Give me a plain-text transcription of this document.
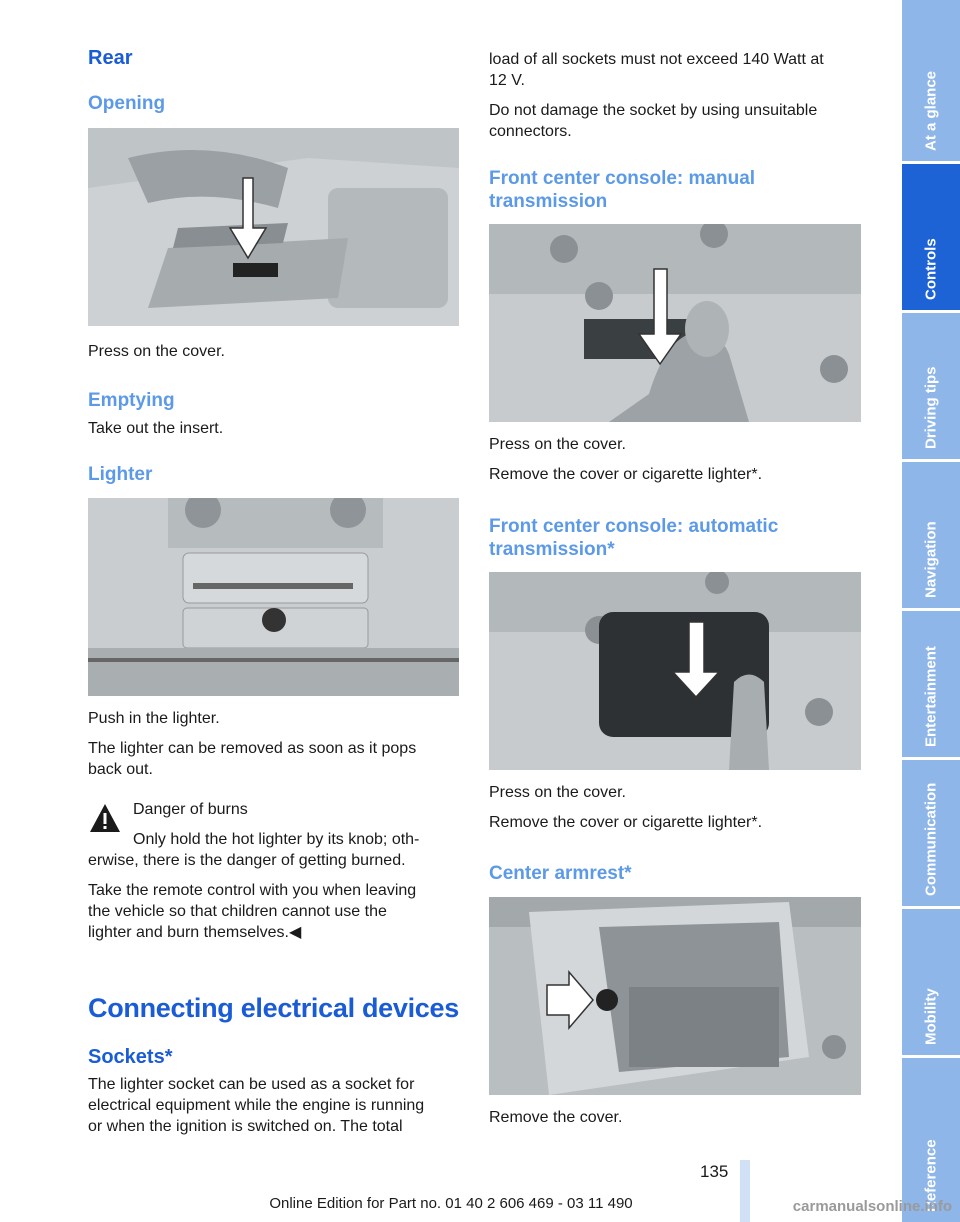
Rear
Opening

Press on the cover.

Emptying

Take out the insert.

Lighter

Push in the lighter.

The lighter can be removed as soon as it pops

back out.

Danger of burns

Only hold the hot lighter by its knob; oth-

erwise, there is the danger of getting burned.

Take the remote control with you when leaving

the vehicle so that children cannot use the

lighter and burn themselves.◀

Connecting electrical devices
Sockets*

The lighter socket can be used as a socket for

electrical equipment while the engine is running

or when the ignition is switched on. The total

load of all sockets must not exceed 140 Watt at

12 V.

Do not damage the socket by using unsuitable

connectors.

Front center console: manual
transmission

Press on the cover.

Remove the cover or cigarette lighter*.

Front center console: automatic
transmission*

Press on the cover.

Remove the cover or cigarette lighter*.

Center armrest*

Remove the cover.

At a glance
Controls
Driving tips
Navigation
Entertainment
Communication
Mobility
Reference
135
Online Edition for Part no. 01 40 2 606 469 - 03 11 490	carmanualsonline.info
